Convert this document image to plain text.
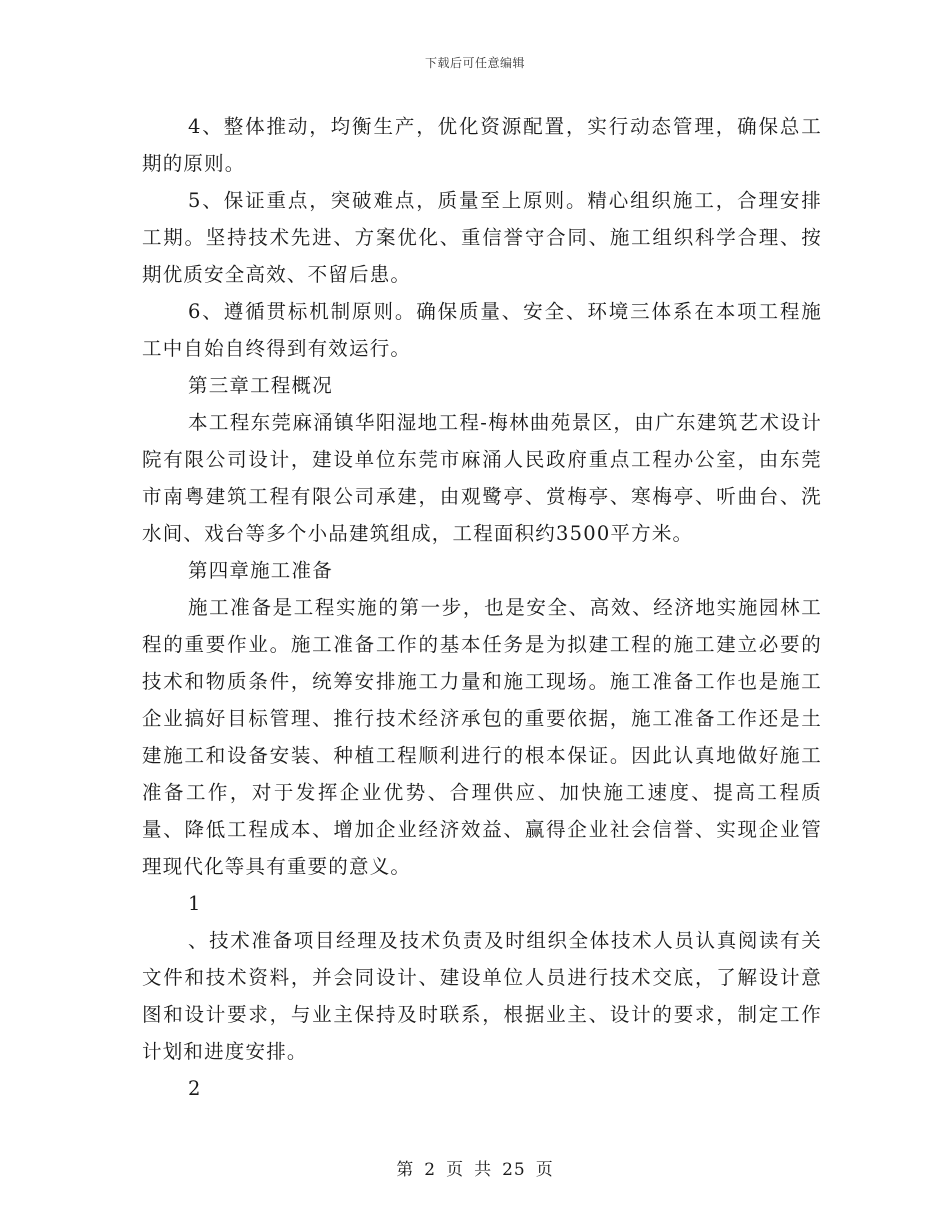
下载后可任意编辑

4、整体推动，均衡生产，优化资源配置，实行动态管理，确保总工期的原则。

5、保证重点，突破难点，质量至上原则。精心组织施工，合理安排工期。坚持技术先进、方案优化、重信誉守合同、施工组织科学合理、按期优质安全高效、不留后患。

6、遵循贯标机制原则。确保质量、安全、环境三体系在本项工程施工中自始自终得到有效运行。

第三章工程概况

本工程东莞麻涌镇华阳湿地工程-梅林曲苑景区，由广东建筑艺术设计院有限公司设计，建设单位东莞市麻涌人民政府重点工程办公室，由东莞市南粤建筑工程有限公司承建，由观鹭亭、赏梅亭、寒梅亭、听曲台、洗水间、戏台等多个小品建筑组成，工程面积约3500平方米。

第四章施工准备

施工准备是工程实施的第一步，也是安全、高效、经济地实施园林工程的重要作业。施工准备工作的基本任务是为拟建工程的施工建立必要的技术和物质条件，统筹安排施工力量和施工现场。施工准备工作也是施工企业搞好目标管理、推行技术经济承包的重要依据，施工准备工作还是土建施工和设备安装、种植工程顺利进行的根本保证。因此认真地做好施工准备工作，对于发挥企业优势、合理供应、加快施工速度、提高工程质量、降低工程成本、增加企业经济效益、赢得企业社会信誉、实现企业管理现代化等具有重要的意义。

1

、技术准备项目经理及技术负责及时组织全体技术人员认真阅读有关文件和技术资料，并会同设计、建设单位人员进行技术交底，了解设计意图和设计要求，与业主保持及时联系，根据业主、设计的要求，制定工作计划和进度安排。

2

第 2 页 共 25 页
